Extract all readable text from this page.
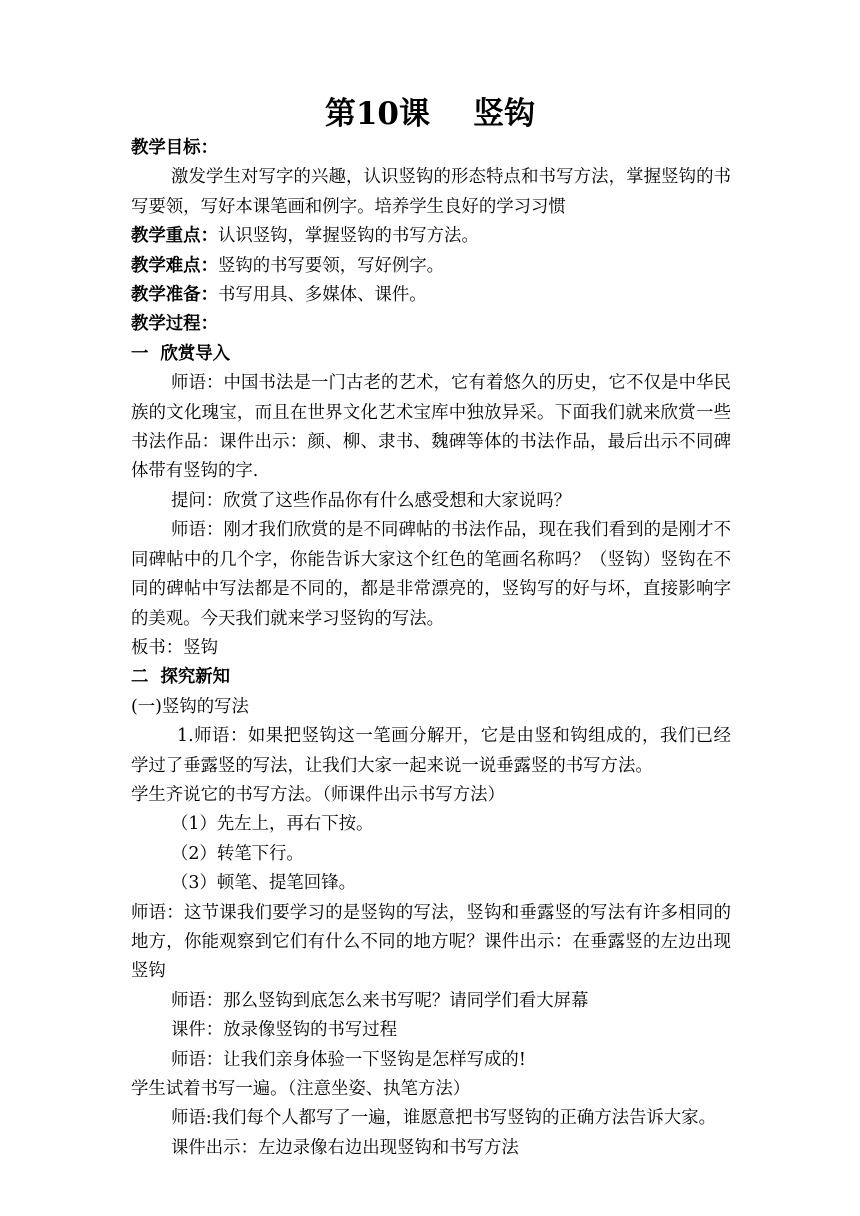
第10课    竖钩

教学目标：

激发学生对写字的兴趣，认识竖钩的形态特点和书写方法，掌握竖钩的书写要领，写好本课笔画和例字。培养学生良好的学习习惯

教学重点：认识竖钩，掌握竖钩的书写方法。

教学难点：竖钩的书写要领，写好例字。

教学准备：书写用具、多媒体、课件。

教学过程：

一  欣赏导入

师语：中国书法是一门古老的艺术，它有着悠久的历史，它不仅是中华民族的文化瑰宝，而且在世界文化艺术宝库中独放异采。下面我们就来欣赏一些书法作品：课件出示：颜、柳、隶书、魏碑等体的书法作品，最后出示不同碑体带有竖钩的字.

提问：欣赏了这些作品你有什么感受想和大家说吗？

师语：刚才我们欣赏的是不同碑帖的书法作品，现在我们看到的是刚才不同碑帖中的几个字，你能告诉大家这个红色的笔画名称吗？（竖钩）竖钩在不同的碑帖中写法都是不同的，都是非常漂亮的，竖钩写的好与坏，直接影响字的美观。今天我们就来学习竖钩的写法。

板书：竖钩

二  探究新知

(一)竖钩的写法

1.师语：如果把竖钩这一笔画分解开，它是由竖和钩组成的，我们已经学过了垂露竖的写法，让我们大家一起来说一说垂露竖的书写方法。

学生齐说它的书写方法。（师课件出示书写方法）

（1）先左上，再右下按。

（2）转笔下行。

（3）顿笔、提笔回锋。

师语：这节课我们要学习的是竖钩的写法，竖钩和垂露竖的写法有许多相同的地方，你能观察到它们有什么不同的地方呢？课件出示：在垂露竖的左边出现竖钩

师语：那么竖钩到底怎么来书写呢？请同学们看大屏幕

课件：放录像竖钩的书写过程

师语：让我们亲身体验一下竖钩是怎样写成的!

学生试着书写一遍。（注意坐姿、执笔方法）

师语:我们每个人都写了一遍，谁愿意把书写竖钩的正确方法告诉大家。

课件出示：左边录像右边出现竖钩和书写方法
